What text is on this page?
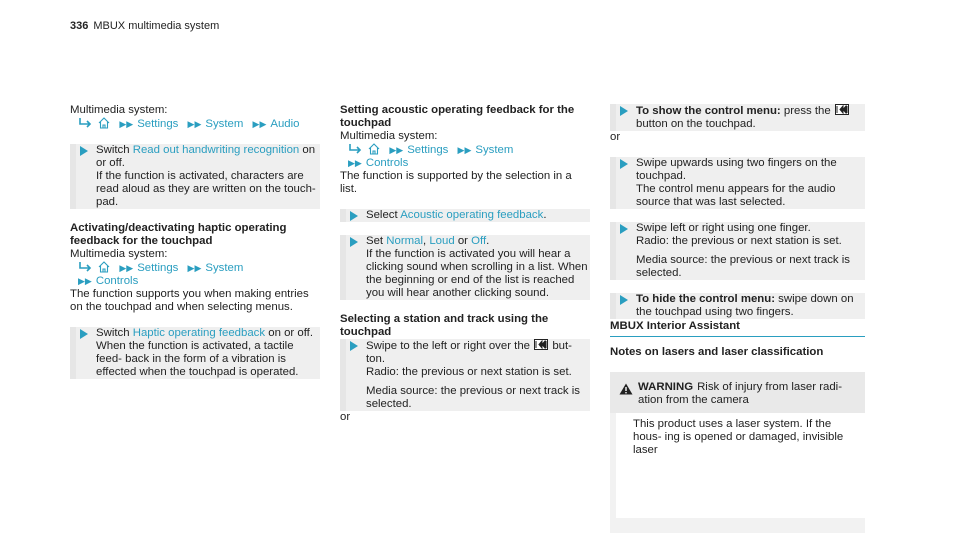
336 MBUX multimedia system
Multimedia system:
▶▶ Settings ▶▶ System ▶▶ Audio
Switch Read out handwriting recognition on
or off.
If the function is activated, characters are read aloud as they are written on the touch- pad.
Activating/deactivating haptic operating feedback for the touchpad
Multimedia system:
▶▶ Settings ▶▶ System
▶▶ Controls
The function supports you when making entries on the touchpad and when selecting menus.
Switch Haptic operating feedback on or off.
When the function is activated, a tactile feed- back in the form of a vibration is effected when the touchpad is operated.
Setting acoustic operating feedback for the touchpad
Multimedia system:
▶▶ Settings ▶▶ System
▶▶ Controls
The function is supported by the selection in a list.
Select Acoustic operating feedback.
Set Normal, Loud or Off.
If the function is activated you will hear a clicking sound when scrolling in a list. When the beginning or end of the list is reached you will hear another clicking sound.
Selecting a station and track using the touchpad
Swipe to the left or right over the  but- ton.
Radio: the previous or next station is set.
Media source: the previous or next track is selected.
or
To show the control menu: press the
button on the touchpad.
or
Swipe upwards using two fingers on the touchpad.
The control menu appears for the audio source that was last selected.
Swipe left or right using one finger.
Radio: the previous or next station is set.
Media source: the previous or next track is selected.
To hide the control menu: swipe down on the touchpad using two fingers.
MBUX Interior Assistant
Notes on lasers and laser classification
WARNING Risk of injury from laser radi- ation from the camera
This product uses a laser system. If the hous- ing is opened or damaged, invisible laser
